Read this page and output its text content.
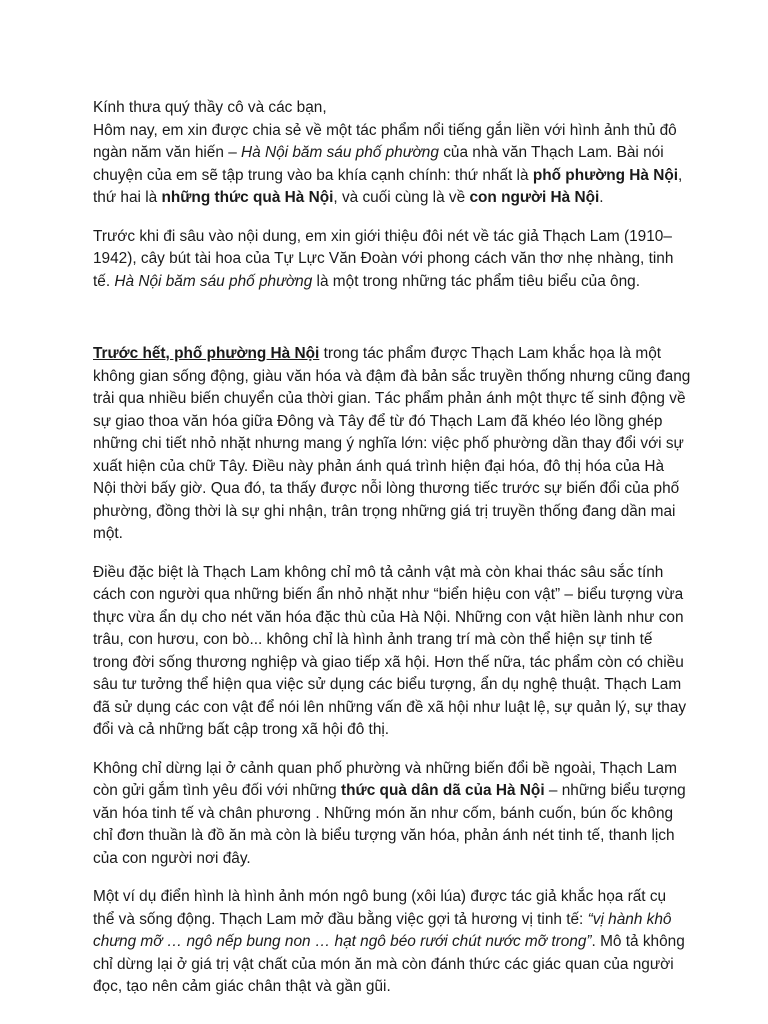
Kính thưa quý thầy cô và các bạn,
Hôm nay, em xin được chia sẻ về một tác phẩm nổi tiếng gắn liền với hình ảnh thủ đô ngàn năm văn hiến – Hà Nội băm sáu phố phường của nhà văn Thạch Lam. Bài nói chuyện của em sẽ tập trung vào ba khía cạnh chính: thứ nhất là phố phường Hà Nội, thứ hai là những thức quà Hà Nội, và cuối cùng là về con người Hà Nội.

Trước khi đi sâu vào nội dung, em xin giới thiệu đôi nét về tác giả Thạch Lam (1910– 1942), cây bút tài hoa của Tự Lực Văn Đoàn với phong cách văn thơ nhẹ nhàng, tinh tế. Hà Nội băm sáu phố phường là một trong những tác phẩm tiêu biểu của ông.

Trước hết, phố phường Hà Nội trong tác phẩm được Thạch Lam khắc họa là một không gian sống động, giàu văn hóa và đậm đà bản sắc truyền thống nhưng cũng đang trải qua nhiều biến chuyển của thời gian. Tác phẩm phản ánh một thực tế sinh động về sự giao thoa văn hóa giữa Đông và Tây để từ đó Thạch Lam đã khéo léo lồng ghép những chi tiết nhỏ nhặt nhưng mang ý nghĩa lớn: việc phố phường dần thay đổi với sự xuất hiện của chữ Tây. Điều này phản ánh quá trình hiện đại hóa, đô thị hóa của Hà Nội thời bấy giờ. Qua đó, ta thấy được nỗi lòng thương tiếc trước sự biến đổi của phố phường, đồng thời là sự ghi nhận, trân trọng những giá trị truyền thống đang dần mai một.

Điều đặc biệt là Thạch Lam không chỉ mô tả cảnh vật mà còn khai thác sâu sắc tính cách con người qua những biến ẩn nhỏ nhặt như “biển hiệu con vật” – biểu tượng vừa thực vừa ẩn dụ cho nét văn hóa đặc thù của Hà Nội. Những con vật hiền lành như con trâu, con hươu, con bò... không chỉ là hình ảnh trang trí mà còn thể hiện sự tinh tế trong đời sống thương nghiệp và giao tiếp xã hội. Hơn thế nữa, tác phẩm còn có chiều sâu tư tưởng thể hiện qua việc sử dụng các biểu tượng, ẩn dụ nghệ thuật. Thạch Lam đã sử dụng các con vật để nói lên những vấn đề xã hội như luật lệ, sự quản lý, sự thay đổi và cả những bất cập trong xã hội đô thị.

Không chỉ dừng lại ở cảnh quan phố phường và những biến đổi bề ngoài, Thạch Lam còn gửi gắm tình yêu đối với những thức quà dân dã của Hà Nội – những biểu tượng văn hóa tinh tế và chân phương . Những món ăn như cốm, bánh cuốn, bún ốc không chỉ đơn thuần là đồ ăn mà còn là biểu tượng văn hóa, phản ánh nét tinh tế, thanh lịch của con người nơi đây.

Một ví dụ điển hình là hình ảnh món ngô bung (xôi lúa) được tác giả khắc họa rất cụ thể và sống động. Thạch Lam mở đầu bằng việc gợi tả hương vị tinh tế: “vị hành khô chưng mỡ … ngô nếp bung non … hạt ngô béo rưới chút nước mỡ trong”. Mô tả không chỉ dừng lại ở giá trị vật chất của món ăn mà còn đánh thức các giác quan của người đọc, tạo nên cảm giác chân thật và gần gũi.
